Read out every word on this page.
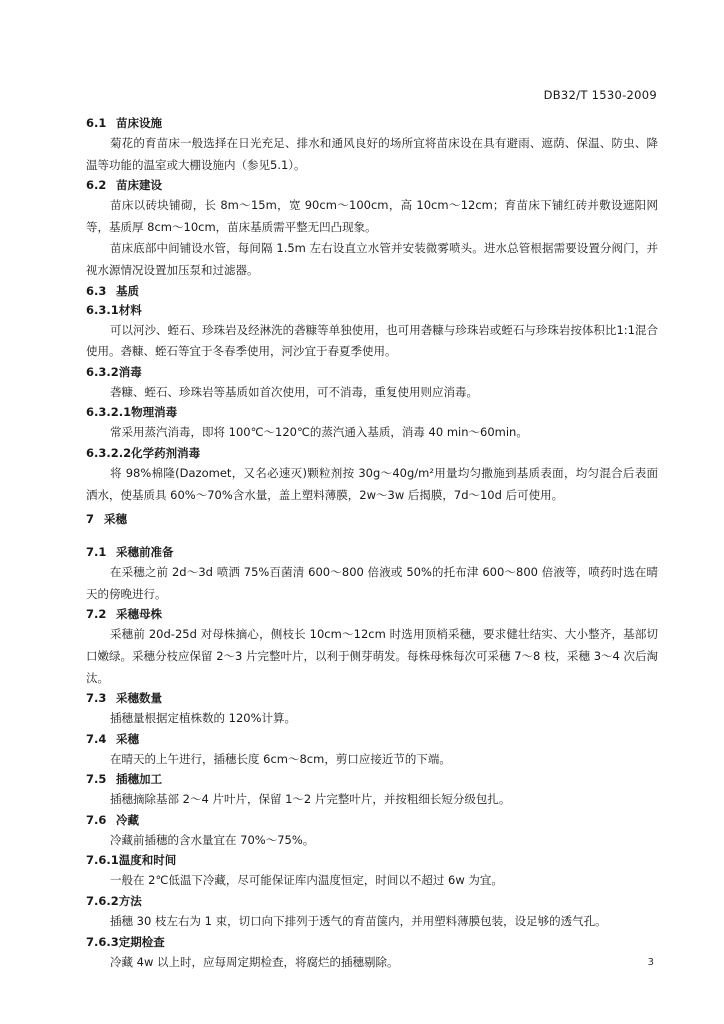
DB32/T 1530-2009
6.1 苗床设施

菊花的育苗床一般选择在日光充足、排水和通风良好的场所宜将苗床设在具有避雨、遮荫、保温、防虫、降温等功能的温室或大棚设施内（参见5.1）。

6.2 苗床建设

苗床以砖块铺砌，长 8m～15m，宽 90cm～100cm，高 10cm～12cm；育苗床下铺红砖并敷设遮阳网等，基质厚 8cm～10cm，苗床基质需平整无凹凸现象。

苗床底部中间铺设水管，每间隔 1.5m 左右设直立水管并安装微雾喷头。进水总管根据需要设置分阀门，并视水源情况设置加压泵和过滤器。

6.3 基质
6.3.1材料

可以河沙、蛭石、珍珠岩及经淋洗的砻糠等单独使用，也可用砻糠与珍珠岩或蛭石与珍珠岩按体积比1:1混合使用。砻糠、蛭石等宜于冬春季使用，河沙宜于春夏季使用。

6.3.2消毒

砻糠、蛭石、珍珠岩等基质如首次使用，可不消毒，重复使用则应消毒。

6.3.2.1物理消毒

常采用蒸汽消毒，即将 100℃～120℃的蒸汽通入基质，消毒 40 min～60min。

6.3.2.2化学药剂消毒

将 98%棉隆(Dazomet，又名必速灭)颗粒剂按 30g～40g/m²用量均匀撒施到基质表面，均匀混合后表面洒水，使基质具 60%～70%含水量，盖上塑料薄膜，2w～3w 后揭膜，7d～10d 后可使用。

7 采穗
7.1 采穗前准备

在采穗之前 2d～3d 喷洒 75%百菌清 600～800 倍液或 50%的托布津 600～800 倍液等，喷药时选在晴天的傍晚进行。

7.2 采穗母株

采穗前 20d-25d 对母株摘心，侧枝长 10cm～12cm 时选用顶梢采穗，要求健壮结实、大小整齐，基部切口嫩绿。采穗分枝应保留 2～3 片完整叶片，以利于侧芽萌发。每株母株每次可采穗 7～8 枝，采穗 3～4 次后淘汰。

7.3 采穗数量

插穗量根据定植株数的 120%计算。

7.4 采穗

在晴天的上午进行，插穗长度 6cm～8cm，剪口应接近节的下端。

7.5 插穗加工

插穗摘除基部 2～4 片叶片，保留 1～2 片完整叶片，并按粗细长短分级包扎。

7.6 冷藏

冷藏前插穗的含水量宜在 70%～75%。

7.6.1温度和时间

一般在 2℃低温下冷藏，尽可能保证库内温度恒定，时间以不超过 6w 为宜。

7.6.2方法

插穗 30 枝左右为 1 束，切口向下排列于透气的育苗箧内，并用塑料薄膜包装，设足够的透气孔。

7.6.3定期检查

冷藏 4w 以上时，应每周定期检查，将腐烂的插穗剔除。	3
